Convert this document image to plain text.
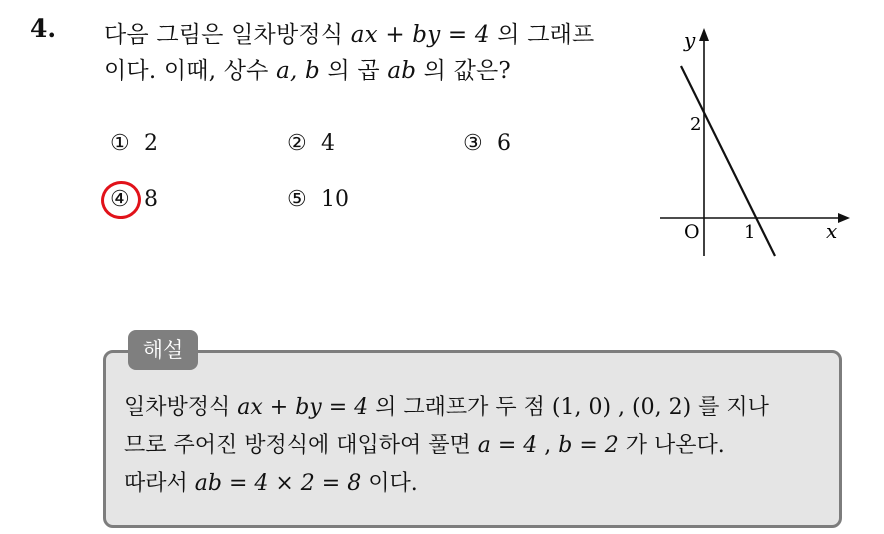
4. 다음 그림은 일차방정식 ax + by = 4 의 그래프
이다. 이때, 상수 a, b 의 곱 ab 의 값은?
① 2	② 4	③ 6
④ 8	⑤ 10
y
x
O
2
1
해설
일차방정식 ax + by = 4 의 그래프가 두 점 (1, 0) , (0, 2) 를 지나
므로 주어진 방정식에 대입하여 풀면 a = 4 , b = 2 가 나온다.
따라서 ab = 4 × 2 = 8 이다.
